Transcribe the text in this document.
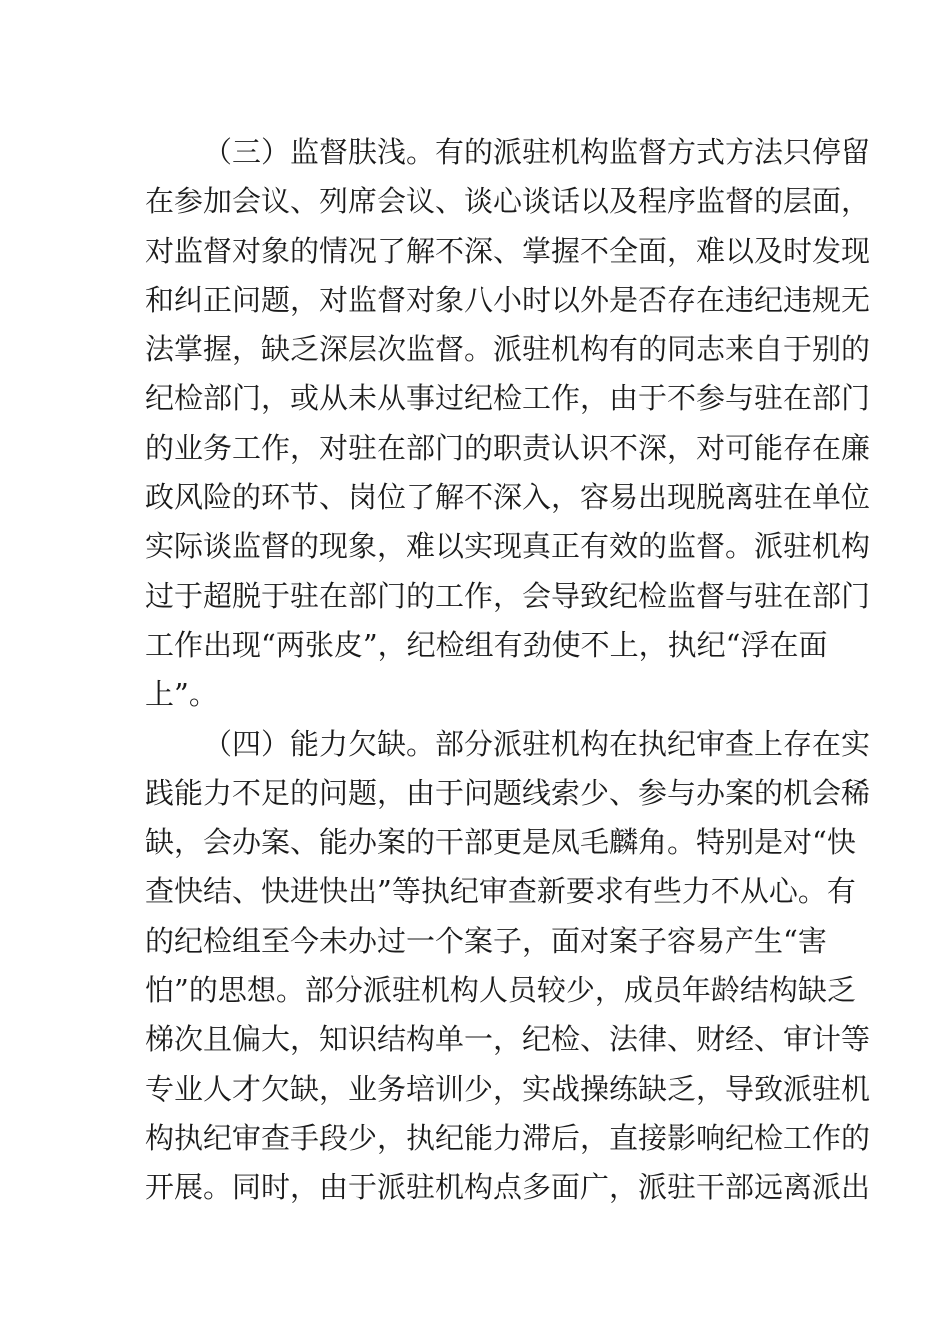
（三）监督肤浅。有的派驻机构监督方式方法只停留
在参加会议、列席会议、谈心谈话以及程序监督的层面，
对监督对象的情况了解不深、掌握不全面，难以及时发现
和纠正问题，对监督对象八小时以外是否存在违纪违规无
法掌握，缺乏深层次监督。派驻机构有的同志来自于别的
纪检部门，或从未从事过纪检工作，由于不参与驻在部门
的业务工作，对驻在部门的职责认识不深，对可能存在廉
政风险的环节、岗位了解不深入，容易出现脱离驻在单位
实际谈监督的现象，难以实现真正有效的监督。派驻机构
过于超脱于驻在部门的工作，会导致纪检监督与驻在部门
工作出现“两张皮”，纪检组有劲使不上，执纪“浮在面
上”。
（四）能力欠缺。部分派驻机构在执纪审查上存在实
践能力不足的问题，由于问题线索少、参与办案的机会稀
缺，会办案、能办案的干部更是凤毛麟角。特别是对“快
查快结、快进快出”等执纪审查新要求有些力不从心。有
的纪检组至今未办过一个案子，面对案子容易产生“害
怕”的思想。部分派驻机构人员较少，成员年龄结构缺乏
梯次且偏大，知识结构单一，纪检、法律、财经、审计等
专业人才欠缺，业务培训少，实战操练缺乏，导致派驻机
构执纪审查手段少，执纪能力滞后，直接影响纪检工作的
开展。同时，由于派驻机构点多面广，派驻干部远离派出
